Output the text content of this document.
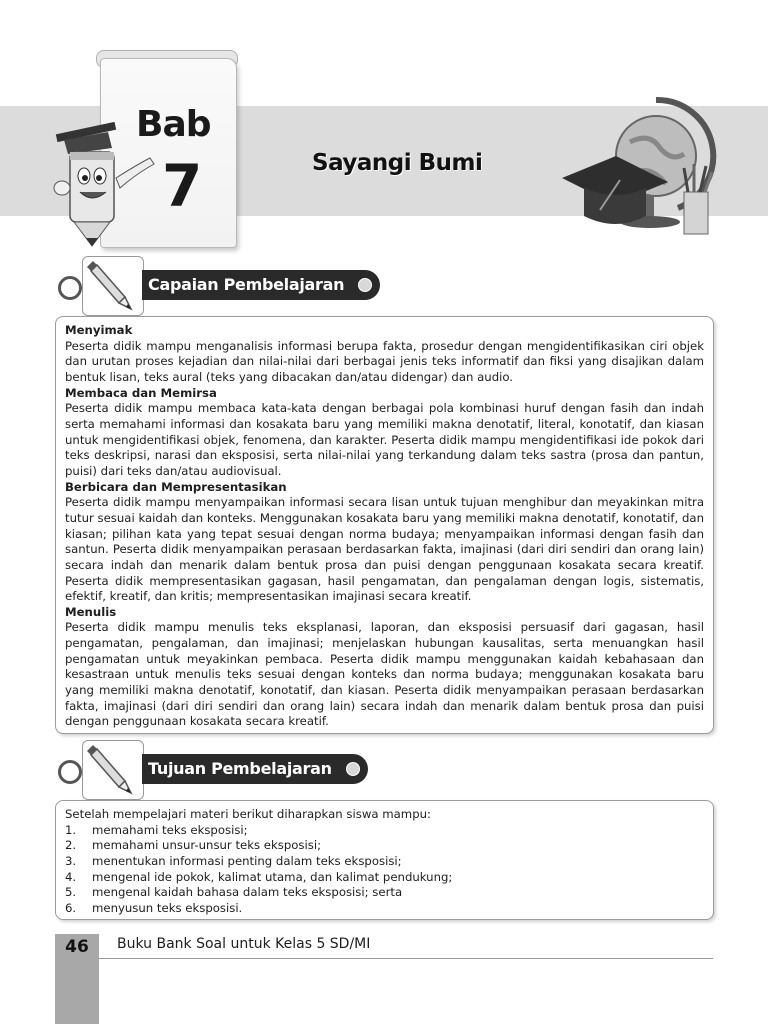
Bab
7	Sayangi Bumi
Capaian Pembelajaran
Menyimak

Peserta didik mampu menganalisis informasi berupa fakta, prosedur dengan mengidentifikasikan ciri objek dan urutan proses kejadian dan nilai-nilai dari berbagai jenis teks informatif dan fiksi yang disajikan dalam bentuk lisan, teks aural (teks yang dibacakan dan/atau didengar) dan audio.

Membaca dan Memirsa

Peserta didik mampu membaca kata-kata dengan berbagai pola kombinasi huruf dengan fasih dan indah serta memahami informasi dan kosakata baru yang memiliki makna denotatif, literal, konotatif, dan kiasan untuk mengidentifikasi objek, fenomena, dan karakter. Peserta didik mampu mengidentifikasi ide pokok dari teks deskripsi, narasi dan eksposisi, serta nilai-nilai yang terkandung dalam teks sastra (prosa dan pantun, puisi) dari teks dan/atau audiovisual.

Berbicara dan Mempresentasikan

Peserta didik mampu menyampaikan informasi secara lisan untuk tujuan menghibur dan meyakinkan mitra tutur sesuai kaidah dan konteks. Menggunakan kosakata baru yang memiliki makna denotatif, konotatif, dan kiasan; pilihan kata yang tepat sesuai dengan norma budaya; menyampaikan informasi dengan fasih dan santun. Peserta didik menyampaikan perasaan berdasarkan fakta, imajinasi (dari diri sendiri dan orang lain) secara indah dan menarik dalam bentuk prosa dan puisi dengan penggunaan kosakata secara kreatif. Peserta didik mempresentasikan gagasan, hasil pengamatan, dan pengalaman dengan logis, sistematis, efektif, kreatif, dan kritis; mempresentasikan imajinasi secara kreatif.

Menulis

Peserta didik mampu menulis teks eksplanasi, laporan, dan eksposisi persuasif dari gagasan, hasil pengamatan, pengalaman, dan imajinasi; menjelaskan hubungan kausalitas, serta menuangkan hasil pengamatan untuk meyakinkan pembaca. Peserta didik mampu menggunakan kaidah kebahasaan dan kesastraan untuk menulis teks sesuai dengan konteks dan norma budaya; menggunakan kosakata baru yang memiliki makna denotatif, konotatif, dan kiasan. Peserta didik menyampaikan perasaan berdasarkan fakta, imajinasi (dari diri sendiri dan orang lain) secara indah dan menarik dalam bentuk prosa dan puisi dengan penggunaan kosakata secara kreatif.

Tujuan Pembelajaran

Setelah mempelajari materi berikut diharapkan siswa mampu:

1.	memahami teks eksposisi;
2.	memahami unsur-unsur teks eksposisi;
3.	menentukan informasi penting dalam teks eksposisi;
4.	mengenal ide pokok, kalimat utama, dan kalimat pendukung;
5.	mengenal kaidah bahasa dalam teks eksposisi; serta
6.	menyusun teks eksposisi.
46	Buku Bank Soal untuk Kelas 5 SD/MI
